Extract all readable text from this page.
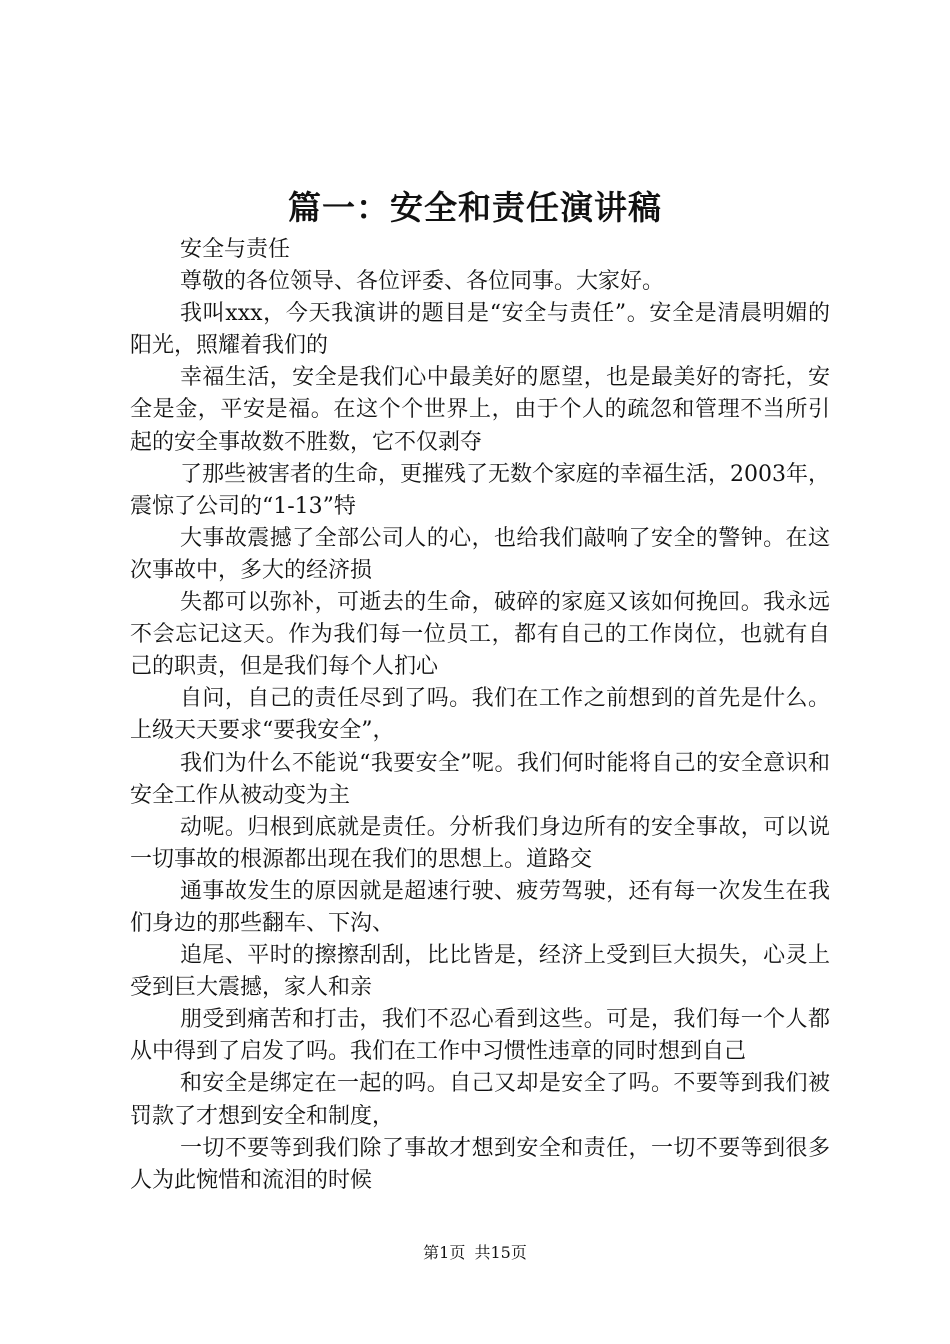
篇一：安全和责任演讲稿

安全与责任

尊敬的各位领导、各位评委、各位同事。大家好。

我叫xxx，今天我演讲的题目是“安全与责任”。安全是清晨明媚的阳光，照耀着我们的

幸福生活，安全是我们心中最美好的愿望，也是最美好的寄托，安全是金，平安是福。在这个个世界上，由于个人的疏忽和管理不当所引起的安全事故数不胜数，它不仅剥夺

了那些被害者的生命，更摧残了无数个家庭的幸福生活，2003年，震惊了公司的“1-13”特

大事故震撼了全部公司人的心，也给我们敲响了安全的警钟。在这次事故中，多大的经济损

失都可以弥补，可逝去的生命，破碎的家庭又该如何挽回。我永远不会忘记这天。作为我们每一位员工，都有自己的工作岗位，也就有自己的职责，但是我们每个人扪心

自问，自己的责任尽到了吗。我们在工作之前想到的首先是什么。上级天天要求“要我安全”，

我们为什么不能说“我要安全”呢。我们何时能将自己的安全意识和安全工作从被动变为主

动呢。归根到底就是责任。分析我们身边所有的安全事故，可以说一切事故的根源都出现在我们的思想上。道路交

通事故发生的原因就是超速行驶、疲劳驾驶，还有每一次发生在我们身边的那些翻车、下沟、

追尾、平时的擦擦刮刮，比比皆是，经济上受到巨大损失，心灵上受到巨大震撼，家人和亲

朋受到痛苦和打击，我们不忍心看到这些。可是，我们每一个人都从中得到了启发了吗。我们在工作中习惯性违章的同时想到自己

和安全是绑定在一起的吗。自己又却是安全了吗。不要等到我们被罚款了才想到安全和制度，

一切不要等到我们除了事故才想到安全和责任，一切不要等到很多人为此惋惜和流泪的时候

第1页 共15页
